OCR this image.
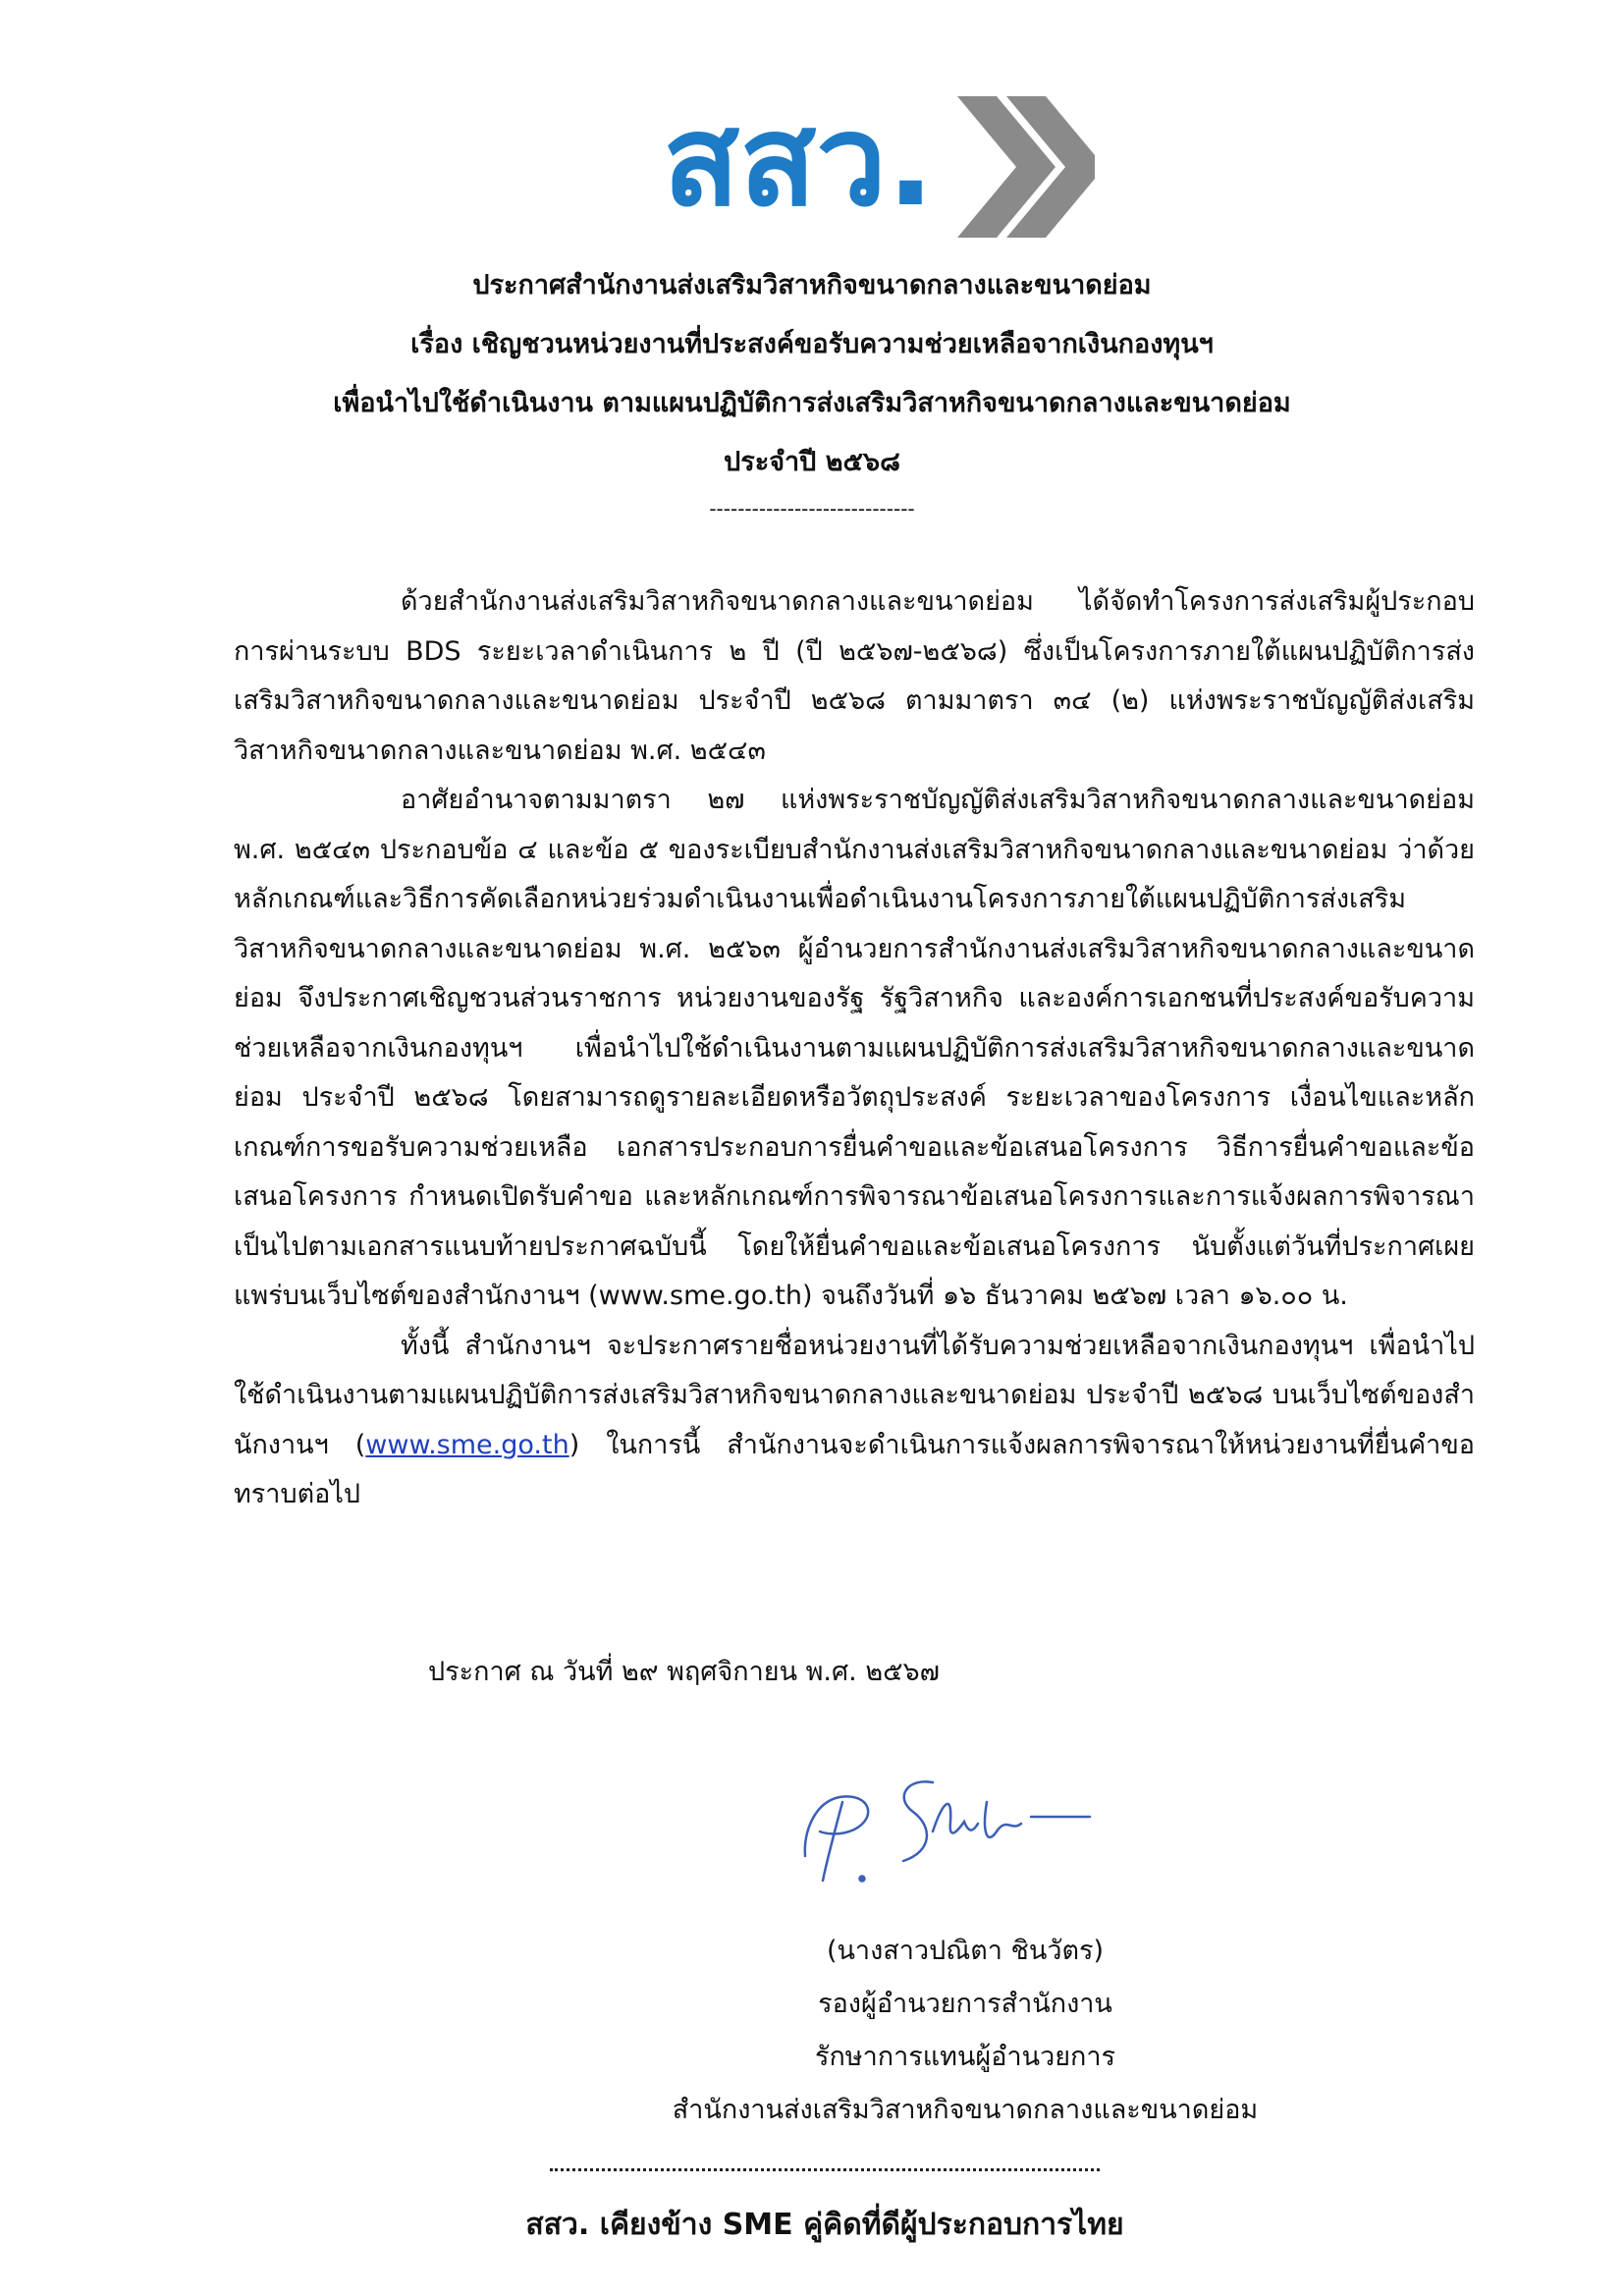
สสว.
ประกาศสำนักงานส่งเสริมวิสาหกิจขนาดกลางและขนาดย่อม
เรื่อง เชิญชวนหน่วยงานที่ประสงค์ขอรับความช่วยเหลือจากเงินกองทุนฯ
เพื่อนำไปใช้ดำเนินงาน ตามแผนปฏิบัติการส่งเสริมวิสาหกิจขนาดกลางและขนาดย่อม
ประจำปี ๒๕๖๘
-----------------------------

ด้วยสำนักงานส่งเสริมวิสาหกิจขนาดกลางและขนาดย่อม ได้จัดทำโครงการส่งเสริมผู้ประกอบการผ่านระบบ BDS ระยะเวลาดำเนินการ ๒ ปี (ปี ๒๕๖๗-๒๕๖๘) ซึ่งเป็นโครงการภายใต้แผนปฏิบัติการส่งเสริมวิสาหกิจขนาดกลางและขนาดย่อม ประจำปี ๒๕๖๘ ตามมาตรา ๓๔ (๒) แห่งพระราชบัญญัติส่งเสริมวิสาหกิจขนาดกลางและขนาดย่อม พ.ศ. ๒๕๔๓

อาศัยอำนาจตามมาตรา ๒๗ แห่งพระราชบัญญัติส่งเสริมวิสาหกิจขนาดกลางและขนาดย่อม พ.ศ. ๒๕๔๓ ประกอบข้อ ๔ และข้อ ๕ ของระเบียบสำนักงานส่งเสริมวิสาหกิจขนาดกลางและขนาดย่อม ว่าด้วยหลักเกณฑ์และวิธีการคัดเลือกหน่วยร่วมดำเนินงานเพื่อดำเนินงานโครงการภายใต้แผนปฏิบัติการส่งเสริมวิสาหกิจขนาดกลางและขนาดย่อม พ.ศ. ๒๕๖๓ ผู้อำนวยการสำนักงานส่งเสริมวิสาหกิจขนาดกลางและขนาดย่อม จึงประกาศเชิญชวนส่วนราชการ หน่วยงานของรัฐ รัฐวิสาหกิจ และองค์การเอกชนที่ประสงค์ขอรับความช่วยเหลือจากเงินกองทุนฯ เพื่อนำไปใช้ดำเนินงานตามแผนปฏิบัติการส่งเสริมวิสาหกิจขนาดกลางและขนาดย่อม ประจำปี ๒๕๖๘ โดยสามารถดูรายละเอียดหรือวัตถุประสงค์ ระยะเวลาของโครงการ เงื่อนไขและหลักเกณฑ์การขอรับความช่วยเหลือ เอกสารประกอบการยื่นคำขอและข้อเสนอโครงการ วิธีการยื่นคำขอและข้อเสนอโครงการ กำหนดเปิดรับคำขอ และหลักเกณฑ์การพิจารณาข้อเสนอโครงการและการแจ้งผลการพิจารณาเป็นไปตามเอกสารแนบท้ายประกาศฉบับนี้ โดยให้ยื่นคำขอและข้อเสนอโครงการ นับตั้งแต่วันที่ประกาศเผยแพร่บนเว็บไซต์ของสำนักงานฯ (www.sme.go.th) จนถึงวันที่ ๑๖ ธันวาคม ๒๕๖๗ เวลา ๑๖.๐๐ น.

ทั้งนี้ สำนักงานฯ จะประกาศรายชื่อหน่วยงานที่ได้รับความช่วยเหลือจากเงินกองทุนฯ เพื่อนำไปใช้ดำเนินงานตามแผนปฏิบัติการส่งเสริมวิสาหกิจขนาดกลางและขนาดย่อม ประจำปี ๒๕๖๘ บนเว็บไซต์ของสำนักงานฯ (www.sme.go.th) ในการนี้ สำนักงานจะดำเนินการแจ้งผลการพิจารณาให้หน่วยงานที่ยื่นคำขอทราบต่อไป

ประกาศ ณ วันที่ ๒๙ พฤศจิกายน พ.ศ. ๒๕๖๗
(นางสาวปณิตา ชินวัตร)
รองผู้อำนวยการสำนักงาน
รักษาการแทนผู้อำนวยการ
สำนักงานส่งเสริมวิสาหกิจขนาดกลางและขนาดย่อม
สสว. เคียงข้าง SME คู่คิดที่ดีผู้ประกอบการไทย
